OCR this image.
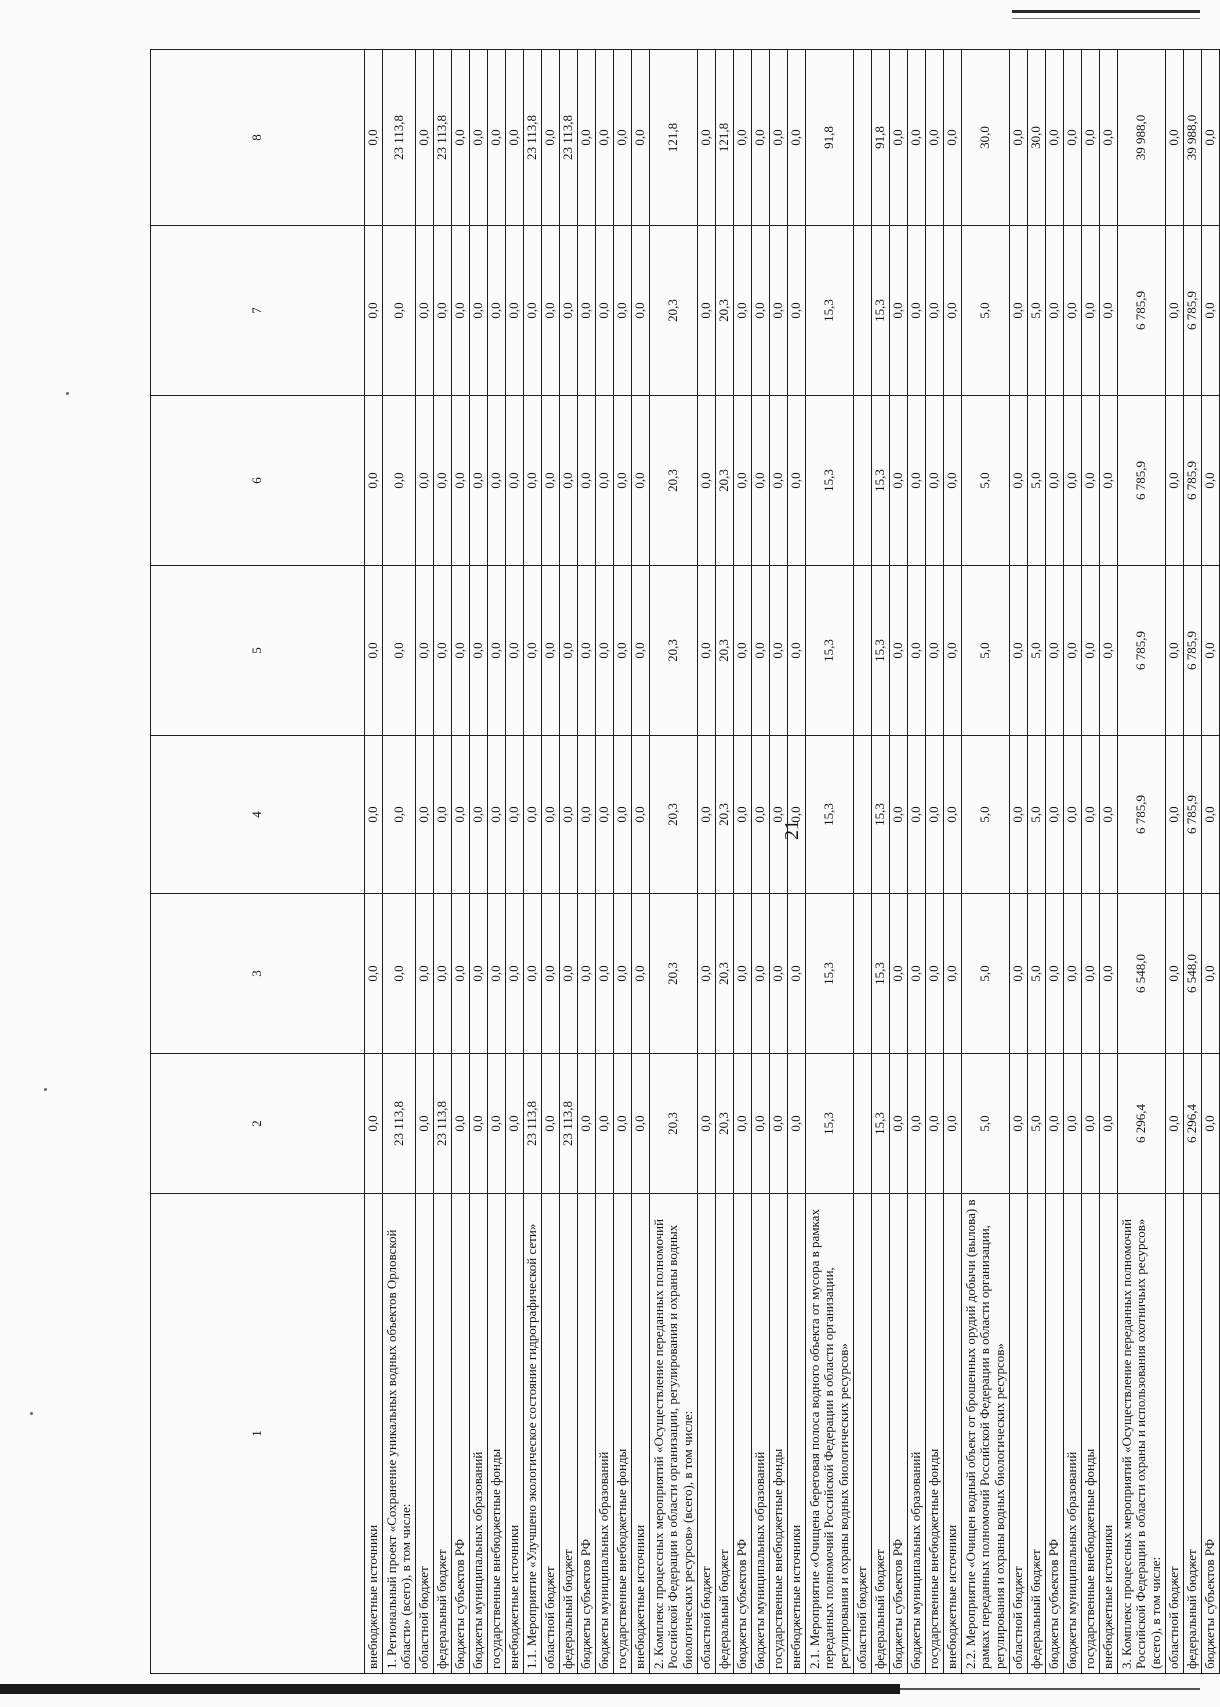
21
1	2	3	4	5	6	7	8
внебюджетные источники	0,0	0,0	0,0	0,0	0,0	0,0	0,0
1. Региональный проект «Сохранение уникальных водных объектов Орловской области» (всего), в том числе:	23 113,8	0,0	0,0	0,0	0,0	0,0	23 113,8
областной бюджет	0,0	0,0	0,0	0,0	0,0	0,0	0,0
федеральный бюджет	23 113,8	0,0	0,0	0,0	0,0	0,0	23 113,8
бюджеты субъектов РФ	0,0	0,0	0,0	0,0	0,0	0,0	0,0
бюджеты муниципальных образований	0,0	0,0	0,0	0,0	0,0	0,0	0,0
государственные внебюджетные фонды	0,0	0,0	0,0	0,0	0,0	0,0	0,0
внебюджетные источники	0,0	0,0	0,0	0,0	0,0	0,0	0,0
1.1. Мероприятие «Улучшено экологическое состояние гидрографической сети»	23 113,8	0,0	0,0	0,0	0,0	0,0	23 113,8
областной бюджет	0,0	0,0	0,0	0,0	0,0	0,0	0,0
федеральный бюджет	23 113,8	0,0	0,0	0,0	0,0	0,0	23 113,8
бюджеты субъектов РФ	0,0	0,0	0,0	0,0	0,0	0,0	0,0
бюджеты муниципальных образований	0,0	0,0	0,0	0,0	0,0	0,0	0,0
государственные внебюджетные фонды	0,0	0,0	0,0	0,0	0,0	0,0	0,0
внебюджетные источники	0,0	0,0	0,0	0,0	0,0	0,0	0,0
2. Комплекс процессных мероприятий «Осуществление переданных полномочий Российской Федерации в области организации, регулирования и охраны водных биологических ресурсов» (всего), в том числе:	20,3	20,3	20,3	20,3	20,3	20,3	121,8
областной бюджет	0,0	0,0	0,0	0,0	0,0	0,0	0,0
федеральный бюджет	20,3	20,3	20,3	20,3	20,3	20,3	121,8
бюджеты субъектов РФ	0,0	0,0	0,0	0,0	0,0	0,0	0,0
бюджеты муниципальных образований	0,0	0,0	0,0	0,0	0,0	0,0	0,0
государственные внебюджетные фонды	0,0	0,0	0,0	0,0	0,0	0,0	0,0
внебюджетные источники	0,0	0,0	0,0	0,0	0,0	0,0	0,0
2.1. Мероприятие «Очищена береговая полоса водного объекта от мусора в рамках переданных полномочий Российской Федерации в области организации, регулирования и охраны водных биологических ресурсов»	15,3	15,3	15,3	15,3	15,3	15,3	91,8
областной бюджет							
федеральный бюджет	15,3	15,3	15,3	15,3	15,3	15,3	91,8
бюджеты субъектов РФ	0,0	0,0	0,0	0,0	0,0	0,0	0,0
бюджеты муниципальных образований	0,0	0,0	0,0	0,0	0,0	0,0	0,0
государственные внебюджетные фонды	0,0	0,0	0,0	0,0	0,0	0,0	0,0
внебюджетные источники	0,0	0,0	0,0	0,0	0,0	0,0	0,0
2.2. Мероприятие «Очищен водный объект от брошенных орудий добычи (вылова) в рамках переданных полномочий Российской Федерации в области организации, регулирования и охраны водных биологических ресурсов»	5,0	5,0	5,0	5,0	5,0	5,0	30,0
областной бюджет	0,0	0,0	0,0	0,0	0,0	0,0	0,0
федеральный бюджет	5,0	5,0	5,0	5,0	5,0	5,0	30,0
бюджеты субъектов РФ	0,0	0,0	0,0	0,0	0,0	0,0	0,0
бюджеты муниципальных образований	0,0	0,0	0,0	0,0	0,0	0,0	0,0
государственные внебюджетные фонды	0,0	0,0	0,0	0,0	0,0	0,0	0,0
внебюджетные источники	0,0	0,0	0,0	0,0	0,0	0,0	0,0
3. Комплекс процессных мероприятий «Осуществление переданных полномочий Российской Федерации в области охраны и использования охотничьих ресурсов» (всего), в том числе:	6 296,4	6 548,0	6 785,9	6 785,9	6 785,9	6 785,9	39 988,0
областной бюджет	0,0	0,0	0,0	0,0	0,0	0,0	0,0
федеральный бюджет	6 296,4	6 548,0	6 785,9	6 785,9	6 785,9	6 785,9	39 988,0
бюджеты субъектов РФ	0,0	0,0	0,0	0,0	0,0	0,0	0,0
